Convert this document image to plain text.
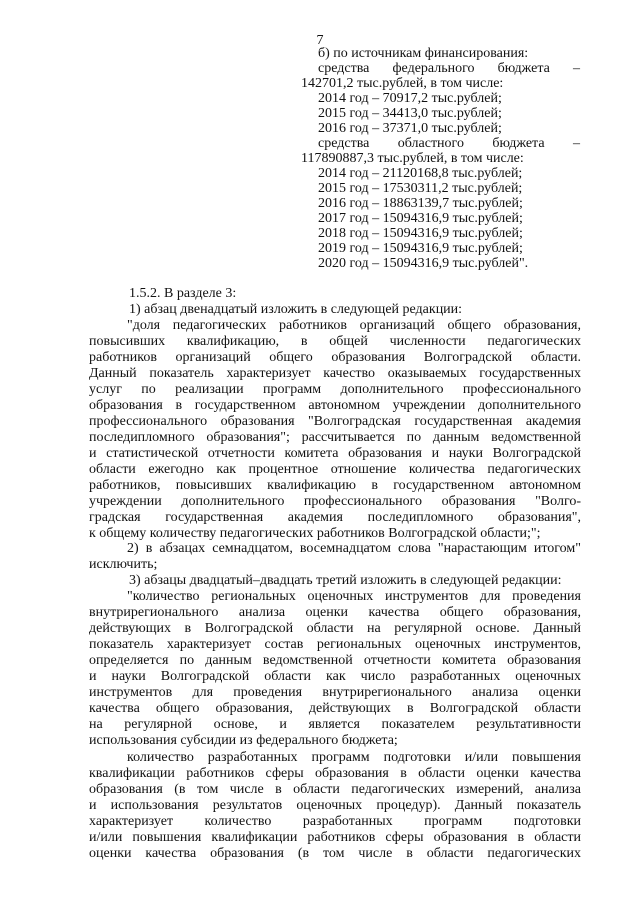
7
б) по источникам финансирования:
средства федерального бюджета –
142701,2 тыс.рублей, в том числе:
2014 год – 70917,2 тыс.рублей;
2015 год – 34413,0 тыс.рублей;
2016 год – 37371,0 тыс.рублей;
средства областного бюджета –
117890887,3 тыс.рублей, в том числе:
2014 год – 21120168,8 тыс.рублей;
2015 год – 17530311,2 тыс.рублей;
2016 год – 18863139,7 тыс.рублей;
2017 год – 15094316,9 тыс.рублей;
2018 год – 15094316,9 тыс.рублей;
2019 год – 15094316,9 тыс.рублей;
2020 год – 15094316,9 тыс.рублей".
1.5.2. В разделе 3:
1) абзац двенадцатый изложить в следующей редакции:
"доля педагогических работников организаций общего образования,
повысивших квалификацию, в общей численности педагогических
работников организаций общего образования Волгоградской области.
Данный показатель характеризует качество оказываемых государственных
услуг по реализации программ дополнительного профессионального
образования в государственном автономном учреждении дополнительного
профессионального образования "Волгоградская государственная академия
последипломного образования"; рассчитывается по данным ведомственной
и статистической отчетности комитета образования и науки Волгоградской
области ежегодно как процентное отношение количества педагогических
работников, повысивших квалификацию в государственном автономном
учреждении дополнительного профессионального образования "Волго-
градская государственная академия последипломного образования",
к общему количеству педагогических работников Волгоградской области;";
2) в абзацах семнадцатом, восемнадцатом слова "нарастающим итогом"
исключить;
3) абзацы двадцатый–двадцать третий изложить в следующей редакции:
"количество региональных оценочных инструментов для проведения
внутрирегионального анализа оценки качества общего образования,
действующих в Волгоградской области на регулярной основе. Данный
показатель характеризует состав региональных оценочных инструментов,
определяется по данным ведомственной отчетности комитета образования
и науки Волгоградской области как число разработанных оценочных
инструментов для проведения внутрирегионального анализа оценки
качества общего образования, действующих в Волгоградской области
на регулярной основе, и является показателем результативности
использования субсидии из федерального бюджета;
количество разработанных программ подготовки и/или повышения
квалификации работников сферы образования в области оценки качества
образования (в том числе в области педагогических измерений, анализа
и использования результатов оценочных процедур). Данный показатель
характеризует количество разработанных программ подготовки
и/или повышения квалификации работников сферы образования в области
оценки качества образования (в том числе в области педагогических
